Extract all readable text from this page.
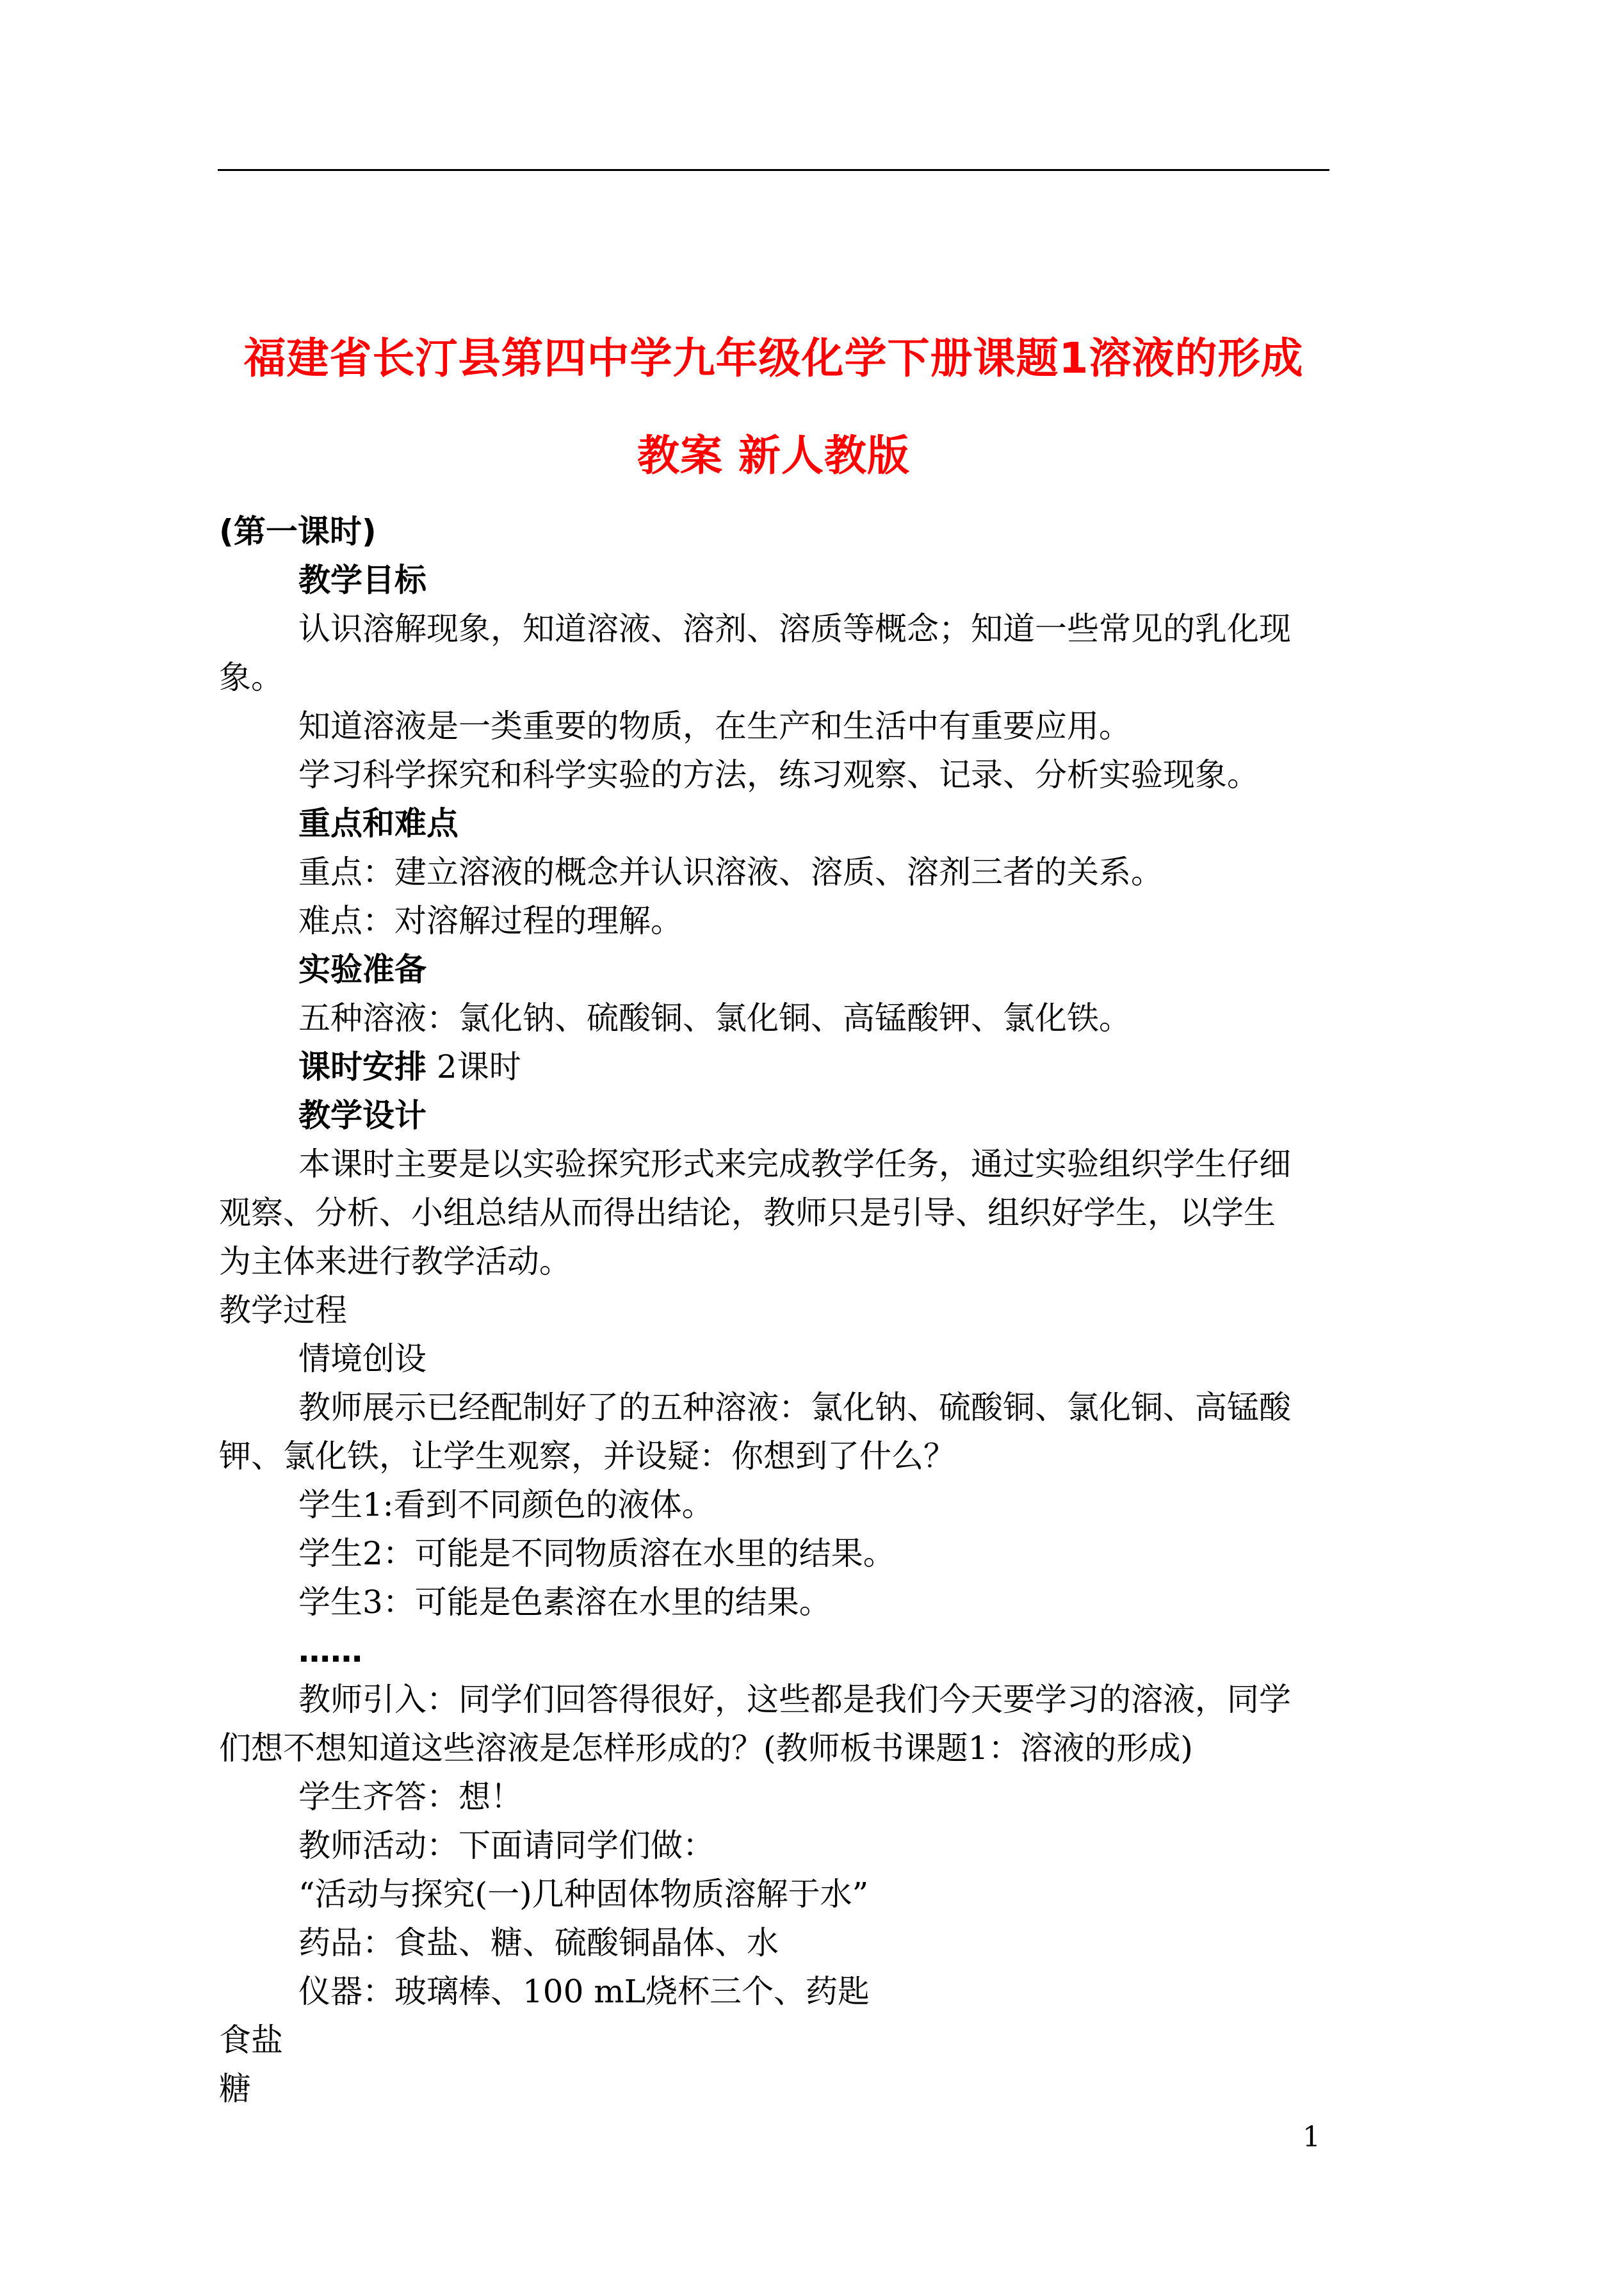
福建省长汀县第四中学九年级化学下册课题1溶液的形成
教案 新人教版
(第一课时)
教学目标
认识溶解现象，知道溶液、溶剂、溶质等概念；知道一些常见的乳化现
象。
知道溶液是一类重要的物质，在生产和生活中有重要应用。
学习科学探究和科学实验的方法，练习观察、记录、分析实验现象。
重点和难点
重点：建立溶液的概念并认识溶液、溶质、溶剂三者的关系。
难点：对溶解过程的理解。
实验准备
五种溶液：氯化钠、硫酸铜、氯化铜、高锰酸钾、氯化铁。
课时安排 2课时
教学设计
本课时主要是以实验探究形式来完成教学任务，通过实验组织学生仔细
观察、分析、小组总结从而得出结论，教师只是引导、组织好学生，以学生
为主体来进行教学活动。
教学过程
情境创设
教师展示已经配制好了的五种溶液：氯化钠、硫酸铜、氯化铜、高锰酸
钾、氯化铁，让学生观察，并设疑：你想到了什么？
学生1:看到不同颜色的液体。
学生2：可能是不同物质溶在水里的结果。
学生3：可能是色素溶在水里的结果。
……
教师引入：同学们回答得很好，这些都是我们今天要学习的溶液，同学
们想不想知道这些溶液是怎样形成的？(教师板书课题1：溶液的形成)
学生齐答：想！
教师活动：下面请同学们做：
“活动与探究(一)几种固体物质溶解于水”
药品：食盐、糖、硫酸铜晶体、水
仪器：玻璃棒、100 mL烧杯三个、药匙
食盐
糖
1
